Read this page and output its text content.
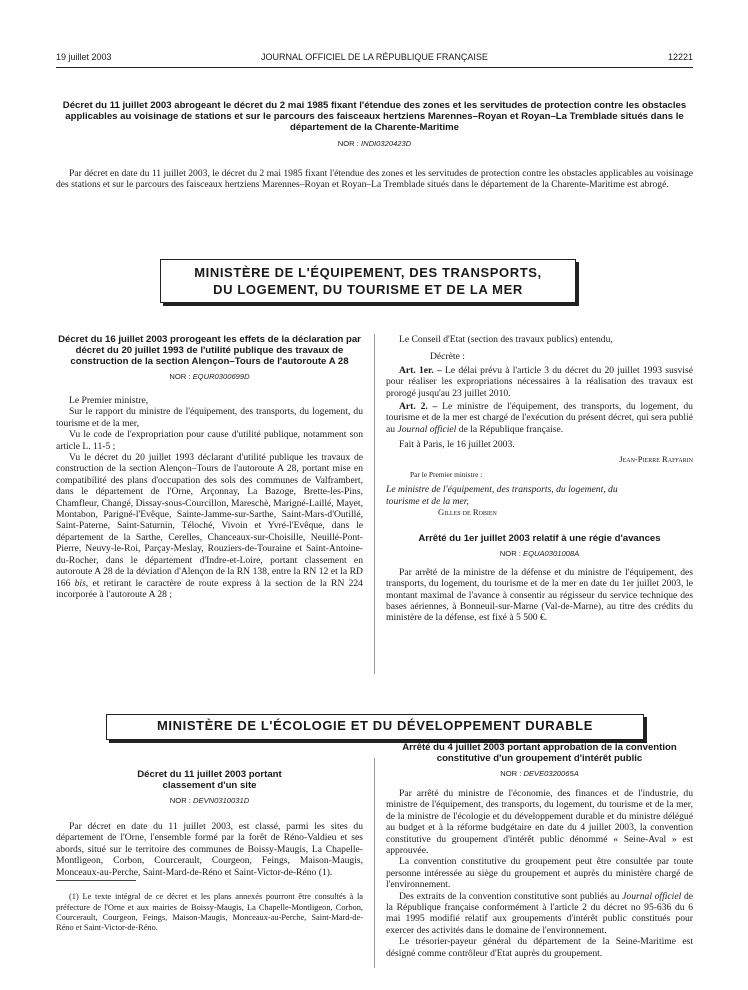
19 juillet 2003	JOURNAL OFFICIEL DE LA RÉPUBLIQUE FRANÇAISE	12221

Décret du 11 juillet 2003 abrogeant le décret du 2 mai 1985 fixant l'étendue des zones et les servitudes de protection contre les obstacles applicables au voisinage de stations et sur le parcours des faisceaux hertziens Marennes–Royan et Royan–La Tremblade situés dans le département de la Charente-Maritime

NOR : INDI0320423D

Par décret en date du 11 juillet 2003, le décret du 2 mai 1985 fixant l'étendue des zones et les servitudes de protection contre les obstacles applicables au voisinage des stations et sur le parcours des faisceaux hertziens Marennes–Royan et Royan–La Tremblade situés dans le département de la Charente-Maritime est abrogé.

MINISTÈRE DE L'ÉQUIPEMENT, DES TRANSPORTS,
DU LOGEMENT, DU TOURISME ET DE LA MER

Décret du 16 juillet 2003 prorogeant les effets de la déclaration par décret du 20 juillet 1993 de l'utilité publique des travaux de construction de la section Alençon–Tours de l'autoroute A 28

NOR : EQUR0300699D

Le Premier ministre,

Sur le rapport du ministre de l'équipement, des transports, du logement, du tourisme et de la mer,

Vu le code de l'expropriation pour cause d'utilité publique, notamment son article L. 11-5 ;

Vu le décret du 20 juillet 1993 déclarant d'utilité publique les travaux de construction de la section Alençon–Tours de l'autoroute A 28, portant mise en compatibilité des plans d'occupation des sols des communes de Valframbert, dans le département de l'Orne, Arçonnay, La Bazoge, Brette-les-Pins, Chamfleur, Changé, Dissay-sous-Courcillon, Mareschè, Marigné-Laillé, Mayet, Montabon, Parigné-l'Evêque, Sainte-Jamme-sur-Sarthe, Saint-Mars-d'Outillé, Saint-Paterne, Saint-Saturnin, Téloché, Vivoin et Yvré-l'Evêque, dans le département de la Sarthe, Cerelles, Chanceaux-sur-Choisille, Neuillé-Pont-Pierre, Neuvy-le-Roi, Parçay-Meslay, Rouziers-de-Touraine et Saint-Antoine-du-Rocher, dans le département d'Indre-et-Loire, portant classement en autoroute A 28 de la déviation d'Alençon de la RN 138, entre la RN 12 et la RD 166 bis, et retirant le caractère de route express à la section de la RN 224 incorporée à l'autoroute A 28 ;

Le Conseil d'Etat (section des travaux publics) entendu,

Décrète :

Art. 1er. – Le délai prévu à l'article 3 du décret du 20 juillet 1993 susvisé pour réaliser les expropriations nécessaires à la réalisation des travaux est prorogé jusqu'au 23 juillet 2010.

Art. 2. – Le ministre de l'équipement, des transports, du logement, du tourisme et de la mer est chargé de l'exécution du présent décret, qui sera publié au Journal officiel de la République française.

Fait à Paris, le 16 juillet 2003.

Jean-Pierre Raffarin

Par le Premier ministre :

Le ministre de l'équipement, des transports, du logement, du tourisme et de la mer,

Gilles de Robien

Arrêté du 1er juillet 2003 relatif à une régie d'avances

NOR : EQUA0301008A

Par arrêté de la ministre de la défense et du ministre de l'équipement, des transports, du logement, du tourisme et de la mer en date du 1er juillet 2003, le montant maximal de l'avance à consentir au régisseur du service technique des bases aériennes, à Bonneuil-sur-Marne (Val-de-Marne), au titre des crédits du ministère de la défense, est fixé à 5 500 €.

MINISTÈRE DE L'ÉCOLOGIE ET DU DÉVELOPPEMENT DURABLE

Décret du 11 juillet 2003 portant classement d'un site

NOR : DEVN0310031D

Par décret en date du 11 juillet 2003, est classé, parmi les sites du département de l'Orne, l'ensemble formé par la forêt de Réno-Valdieu et ses abords, situé sur le territoire des communes de Boissy-Maugis, La Chapelle-Montligeon, Corbon, Courcerault, Courgeon, Feings, Maison-Maugis, Monceaux-au-Perche, Saint-Mard-de-Réno et Saint-Victor-de-Réno (1).

(1) Le texte intégral de ce décret et les plans annexés pourront être consultés à la préfecture de l'Orne et aux mairies de Boissy-Maugis, La Chapelle-Montligeon, Corbon, Courcerault, Courgeon, Feings, Maison-Maugis, Monceaux-au-Perche, Saint-Mard-de-Réno et Saint-Victor-de-Réno.

Arrêté du 4 juillet 2003 portant approbation de la convention constitutive d'un groupement d'intérêt public

NOR : DEVE0320065A

Par arrêté du ministre de l'économie, des finances et de l'industrie, du ministre de l'équipement, des transports, du logement, du tourisme et de la mer, de la ministre de l'écologie et du développement durable et du ministre délégué au budget et à la réforme budgétaire en date du 4 juillet 2003, la convention constitutive du groupement d'intérêt public dénommé « Seine-Aval » est approuvée.

La convention constitutive du groupement peut être consultée par toute personne intéressée au siège du groupement et auprès du ministère chargé de l'environnement.

Des extraits de la convention constitutive sont publiés au Journal officiel de la République française conformément à l'article 2 du décret no 95-636 du 6 mai 1995 modifié relatif aux groupements d'intérêt public constitués pour exercer des activités dans le domaine de l'environnement.

Le trésorier-payeur général du département de la Seine-Maritime est désigné comme contrôleur d'Etat auprès du groupement.
